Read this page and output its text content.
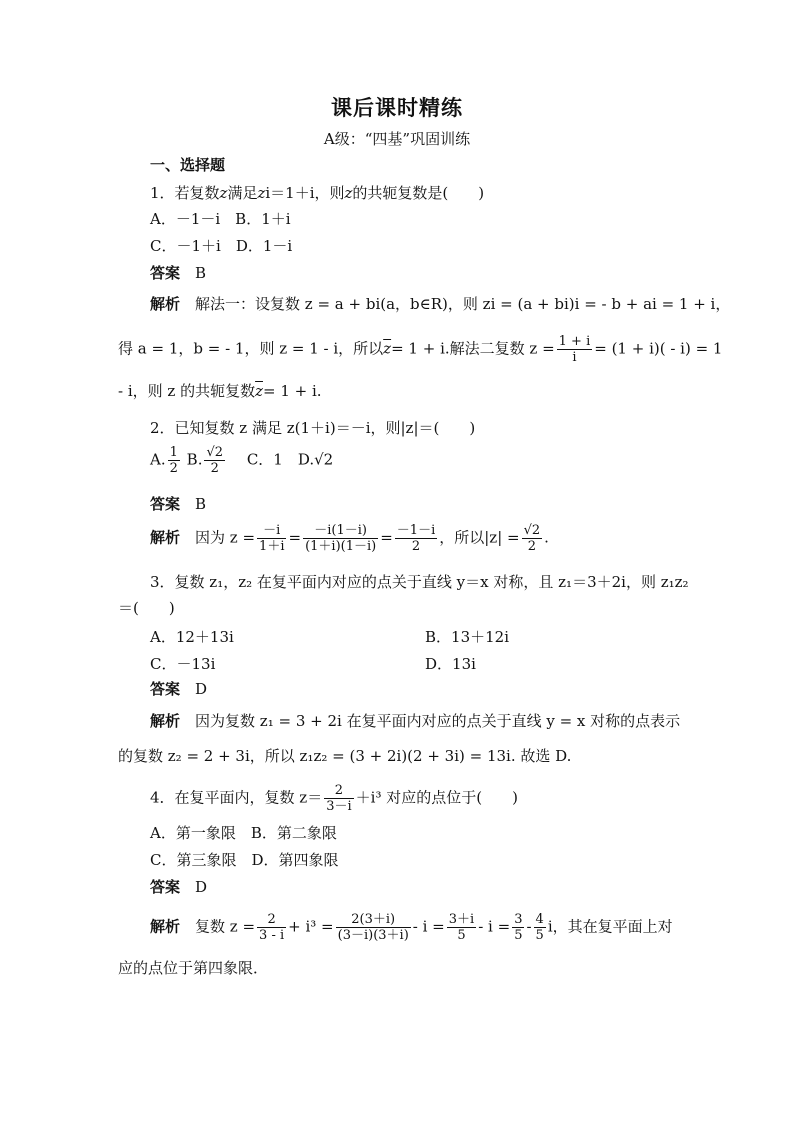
课后课时精练
A级：“四基”巩固训练
一、选择题
1．若复数z满足zi＝1＋i，则z的共轭复数是(　　)
A．－1－i　B．1＋i
C．－1＋i　D．1－i
答案　 B
解析　 解法一：设复数 z = a + bi(a，b∈R)，则 zi = (a + bi)i = - b + ai = 1 + i，
得 a = 1，b = - 1，则 z = 1 - i，所以$\overline{z}= 1 + i$.解法二复数 $z = \frac{1 + i}{i} = (1 + i)( - i) = 1$
- i，则 z 的共轭复数$\overline{z}= 1 + i$.
2．已知复数 z 满足 z(1＋i)＝－i，则|z|＝(　　)
A. $\frac{1}{2} B$. $\frac{√2}{2}$
　 C．1　 D.√2
答案　 B
解析　 因为 $z = \frac{-i}{1+i} = \frac{-i(1-i)}{(1+i)(1-i)} = \frac{-1-i}{2}$ ，所以$|z| = \frac{√2}{2}$ .
3．复数 z₁，z₂ 在复平面内对应的点关于直线 y＝x 对称，且 z₁＝3＋2i，则 z₁z₂
＝(　　)
A．12＋13i	B．13＋12i
C．－13i	D．13i
答案　 D
解析　 因为复数 z₁ = 3 + 2i 在复平面内对应的点关于直线 y = x 对称的点表示
的复数 z₂ = 2 + 3i，所以 z₁z₂ = (3 + 2i)(2 + 3i) = 13i. 故选 D.
4．在复平面内，复数 $z= \frac{2}{3-i} +i^3$ 对应的点位于(　　)
A．第一象限　B．第二象限
C．第三象限　D．第四象限
答案　 D
解析　 复数 $z = \frac{2}{3 - i} + i^3 = \frac{2(3+i)}{(3-i)(3+i)} - i = \frac{3+i}{5} - i = \frac{3}{5} - \frac{4}{5}$ i，其在复平面上对
应的点位于第四象限．
